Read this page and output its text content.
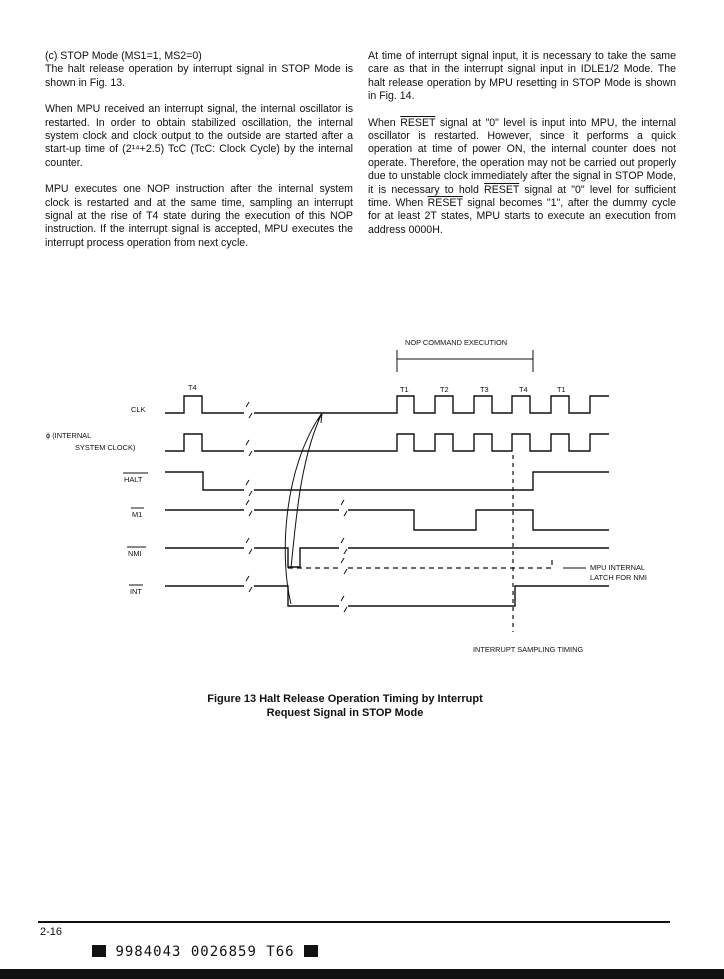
(c) STOP Mode (MS1=1, MS2=0)

The halt release operation by interrupt signal in STOP Mode is shown in Fig. 13.

When MPU received an interrupt signal, the internal oscillator is restarted. In order to obtain stabilized oscillation, the internal system clock and clock output to the outside are started after a start-up time of (2¹⁴+2.5) TcC (TcC: Clock Cycle) by the internal counter.

MPU executes one NOP instruction after the internal system clock is restarted and at the same time, sampling an interrupt signal at the rise of T4 state during the execution of this NOP instruction. If the interrupt signal is accepted, MPU executes the interrupt process operation from next cycle.

At time of interrupt signal input, it is necessary to take the same care as that in the interrupt signal input in IDLE1/2 Mode. The halt release operation by MPU resetting in STOP Mode is shown in Fig. 14.

When RESET signal at "0" level is input into MPU, the internal oscillator is restarted. However, since it performs a quick operation at time of power ON, the internal counter does not operate. Therefore, the operation may not be carried out properly due to unstable clock immediately after the signal in STOP Mode, it is necessary to hold RESET signal at "0" level for sufficient time. When RESET signal becomes "1", after the dummy cycle for at least 2T states, MPU starts to execute an execution from address 0000H.

NOP COMMAND EXECUTION
T4	T1	T2	T3	T4	T1
CLK
ϕ (INTERNAL
SYSTEM CLOCK)
HALT
M1
NMI
INT
MPU INTERNAL
LATCH FOR NMI
INTERRUPT SAMPLING TIMING
Figure 13 Halt Release Operation Timing by Interrupt
Request Signal in STOP Mode
2-16
9984043 0026859 T66
